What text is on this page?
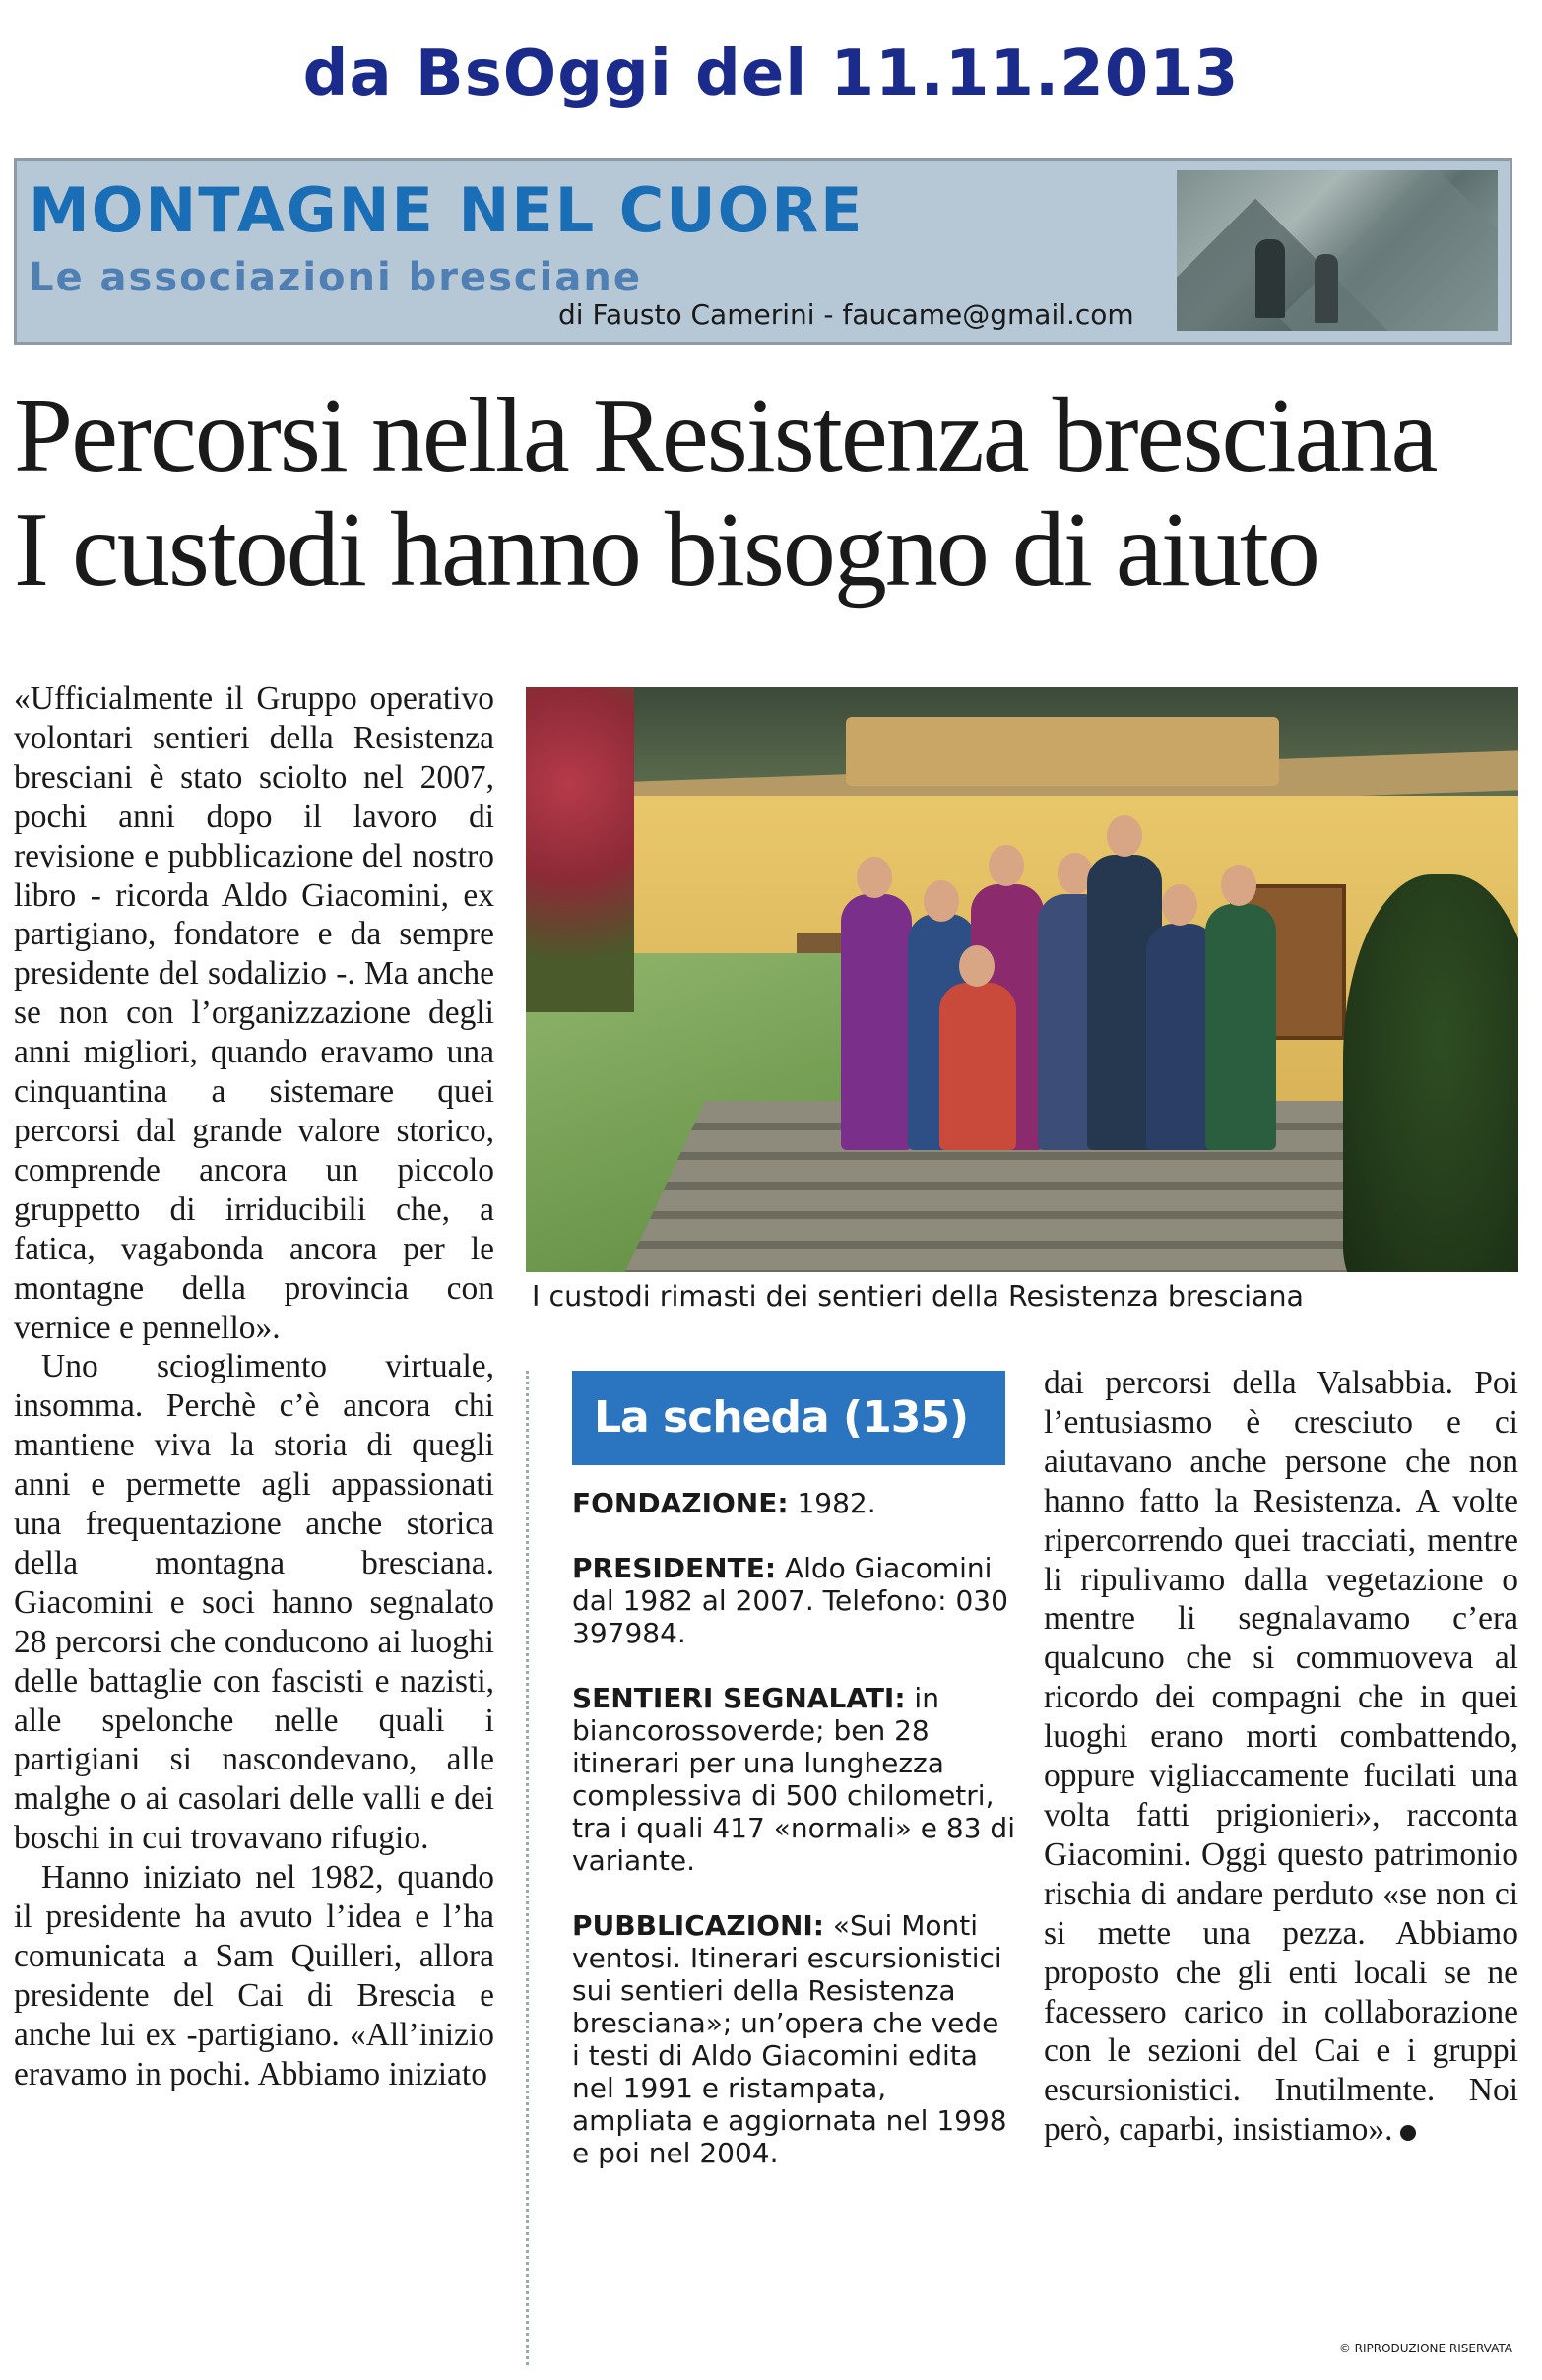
da BsOggi del 11.11.2013
MONTAGNE NEL CUORE
Le associazioni bresciane
di Fausto Camerini - faucame@gmail.com
Percorsi nella Resistenza bresciana
I custodi hanno bisogno di aiuto

«Ufficialmente il Gruppo operativo volontari sentieri della Resistenza bresciani è stato sciolto nel 2007, pochi anni dopo il lavoro di revisione e pubblicazione del nostro libro - ricorda Aldo Giacomini, ex partigiano, fondatore e da sempre presidente del sodalizio -. Ma anche se non con l’organizzazione degli anni migliori, quando eravamo una cinquantina a sistemare quei percorsi dal grande valore storico, comprende ancora un piccolo gruppetto di irriducibili che, a fatica, vagabonda ancora per le montagne della provincia con vernice e pennello».

Uno scioglimento virtuale, insomma. Perchè c’è ancora chi mantiene viva la storia di quegli anni e permette agli appassionati una frequentazione anche storica della montagna bresciana. Giacomini e soci hanno segnalato 28 percorsi che conducono ai luoghi delle battaglie con fascisti e nazisti, alle spelonche nelle quali i partigiani si nascondevano, alle malghe o ai casolari delle valli e dei boschi in cui trovavano rifugio.

Hanno iniziato nel 1982, quando il presidente ha avuto l’idea e l’ha comunicata a Sam Quilleri, allora presidente del Cai di Brescia e anche lui ex -partigiano. «All’inizio eravamo in pochi. Abbiamo iniziato

I custodi rimasti dei sentieri della Resistenza bresciana
La scheda (135)

FONDAZIONE: 1982.

PRESIDENTE: Aldo Giacomini dal 1982 al 2007. Telefono: 030 397984.

SENTIERI SEGNALATI: in biancorossoverde; ben 28 itinerari per una lunghezza complessiva di 500 chilometri, tra i quali 417 «normali» e 83 di variante.

PUBBLICAZIONI: «Sui Monti ventosi. Itinerari escursionistici sui sentieri della Resistenza bresciana»; un’opera che vede i testi di Aldo Giacomini edita nel 1991 e ristampata, ampliata e aggiornata nel 1998 e poi nel 2004.

dai percorsi della Valsabbia. Poi l’entusiasmo è cresciuto e ci aiutavano anche persone che non hanno fatto la Resistenza. A volte ripercorrendo quei tracciati, mentre li ripulivamo dalla vegetazione o mentre li segnalavamo c’era qualcuno che si commuoveva al ricordo dei compagni che in quei luoghi erano morti combattendo, oppure vigliaccamente fucilati una volta fatti prigionieri», racconta Giacomini. Oggi questo patrimonio rischia di andare perduto «se non ci si mette una pezza. Abbiamo proposto che gli enti locali se ne facessero carico in collaborazione con le sezioni del Cai e i gruppi escursionistici. Inutilmente. Noi però, caparbi, insistiamo».

© RIPRODUZIONE RISERVATA
